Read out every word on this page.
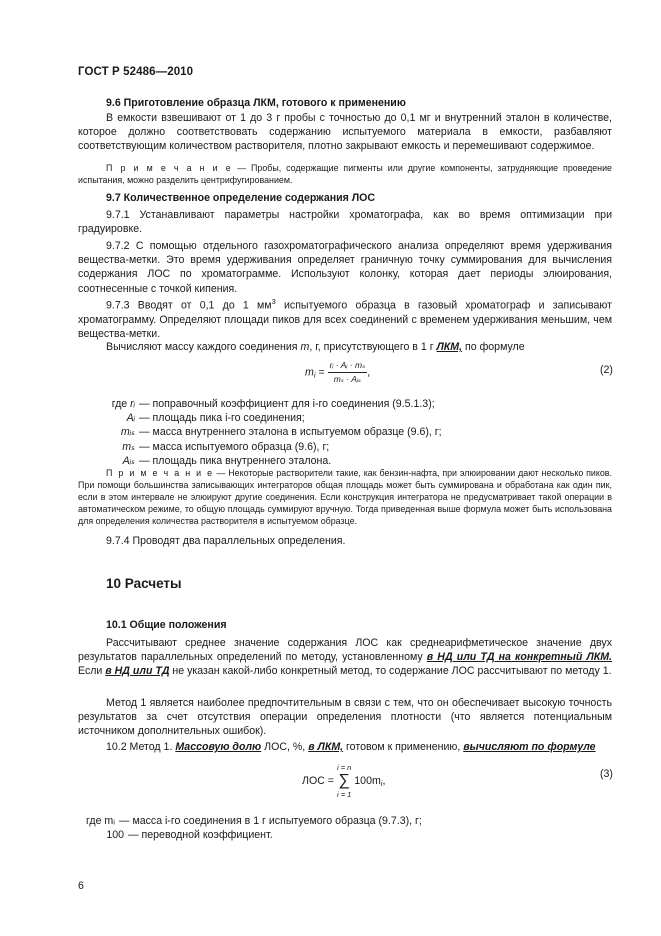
ГОСТ Р 52486—2010
9.6 Приготовление образца ЛКМ, готового к применению
В емкости взвешивают от 1 до 3 г пробы с точностью до 0,1 мг и внутренний эталон в количестве, которое должно соответствовать содержанию испытуемого материала в емкости, разбавляют соответствующим количеством растворителя, плотно закрывают емкость и перемешивают содержимое.
П р и м е ч а н и е — Пробы, содержащие пигменты или другие компоненты, затрудняющие проведение испытания, можно разделить центрифугированием.
9.7 Количественное определение содержания ЛОС
9.7.1 Устанавливают параметры настройки хроматографа, как во время оптимизации при градуировке.
9.7.2 С помощью отдельного газохроматографического анализа определяют время удерживания вещества-метки. Это время удерживания определяет граничную точку суммирования для вычисления содержания ЛОС по хроматограмме. Используют колонку, которая дает периоды элюирования, соотнесенные с точкой кипения.
9.7.3 Вводят от 0,1 до 1 $мм^3$ испытуемого образца в газовый хроматограф и записывают хроматограмму. Определяют площади пиков для всех соединений с временем удерживания меньшим, чем вещества-метки.
Вычисляют массу каждого соединения m, г, присутствующего в 1 г ЛКМ, по формуле
$m_i = \frac{\text{rᵢ · Aᵢ · mₛ}}{\text{mₛ · Aᵢₛ}}$ ,	(2)
где rᵢ — поправочный коэффициент для i-го соединения (9.5.1.3);
Aᵢ — площадь пика i-го соединения;
mᵢₛ — масса внутреннего эталона в испытуемом образце (9.6), г;
mₛ — масса испытуемого образца (9.6), г;
Aᵢₛ — площадь пика внутреннего эталона.
П р и м е ч а н и е — Некоторые растворители такие, как бензин-нафта, при элюировании дают несколько пиков. При помощи большинства записывающих интеграторов общая площадь может быть суммирована и обработана как один пик, если в этом интервале не элюируют другие соединения. Если конструкция интегратора не предусматривает такой операции в автоматическом режиме, то общую площадь суммируют вручную. Тогда приведенная выше формула может быть использована для определения количества растворителя в испытуемом образце.
9.7.4 Проводят два параллельных определения.
10 Расчеты
10.1 Общие положения
Рассчитывают среднее значение содержания ЛОС как среднеарифметическое значение двух результатов параллельных определений по методу, установленному в НД или ТД на конкретный ЛКМ. Если в НД или ТД не указан какой-либо конкретный метод, то содержание ЛОС рассчитывают по методу 1.
Метод 1 является наиболее предпочтительным в связи с тем, что он обеспечивает высокую точность результатов за счет отсутствия операции определения плотности (что является потенциальным источником дополнительных ошибок).
10.2 Метод 1. Массовую долю ЛОС, %, в ЛКМ, готовом к применению, вычисляют по формуле
ЛОС =
i = n
∑
i = 1
$100m_i$,
(3)
где mᵢ — масса i-го соединения в 1 г испытуемого образца (9.7.3), г;
100 — переводной коэффициент.
6
